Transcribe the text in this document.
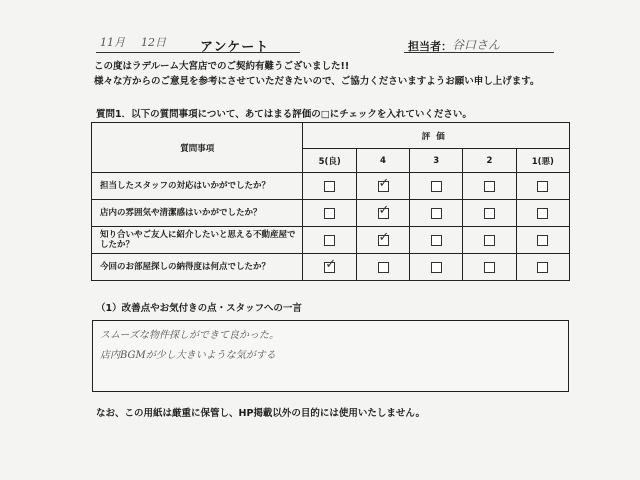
11月 12日	アンケート	担当者： 谷口さん
この度はラデルーム大宮店でのご契約有難うございました!!
様々な方からのご意見を参考にさせていただきたいので、ご協力くださいますようお願い申し上げます。
質問1．以下の質問事項について、あてはまる評価の□にチェックを入れていください。
質問事項	評価				
	5(良)	4	3	2	1(悪)
担当したスタッフの対応はいかがでしたか？		✓			
店内の雰囲気や清潔感はいかがでしたか？		✓			
知り合いやご友人に紹介したいと思える不動産屋でしたか？		✓			
今回のお部屋探しの納得度は何点でしたか？	✓				
（1）改善点やお気付きの点・スタッフへの一言
スムーズな物件探しができて良かった。
店内BGMが少し大きいような気がする
なお、この用紙は厳重に保管し、HP掲載以外の目的には使用いたしません。
